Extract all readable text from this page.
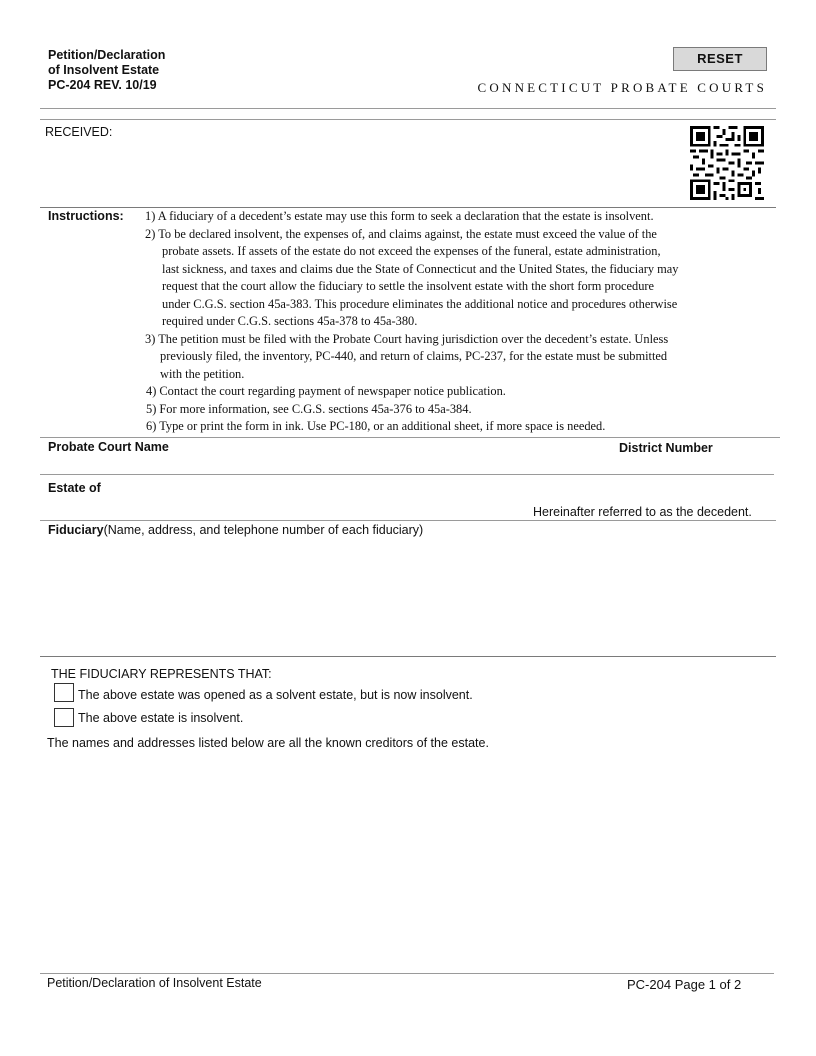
Petition/Declaration
of Insolvent Estate
PC-204 REV. 10/19
RESET
CONNECTICUT PROBATE COURTS
RECEIVED:
Instructions: 1) A fiduciary of a decedent’s estate may use this form to seek a declaration that the estate is insolvent.
2) To be declared insolvent, the expenses of, and claims against, the estate must exceed the value of the
probate assets. If assets of the estate do not exceed the expenses of the funeral, estate administration,
last sickness, and taxes and claims due the State of Connecticut and the United States, the fiduciary may
request that the court allow the fiduciary to settle the insolvent estate with the short form procedure
under C.G.S. section 45a-383. This procedure eliminates the additional notice and procedures otherwise
required under C.G.S. sections 45a-378 to 45a-380.
3) The petition must be filed with the Probate Court having jurisdiction over the decedent’s estate. Unless
previously filed, the inventory, PC-440, and return of claims, PC-237, for the estate must be submitted
with the petition.
4) Contact the court regarding payment of newspaper notice publication.
5) For more information, see C.G.S. sections 45a-376 to 45a-384.
6) Type or print the form in ink. Use PC-180, or an additional sheet, if more space is needed.
Probate Court Name	District Number
Estate of
Hereinafter referred to as the decedent.
Fiduciary(Name, address, and telephone number of each fiduciary)
THE FIDUCIARY REPRESENTS THAT:
The above estate was opened as a solvent estate, but is now insolvent.
The above estate is insolvent.
The names and addresses listed below are all the known creditors of the estate.
Petition/Declaration of Insolvent Estate	PC-204 Page 1 of 2
